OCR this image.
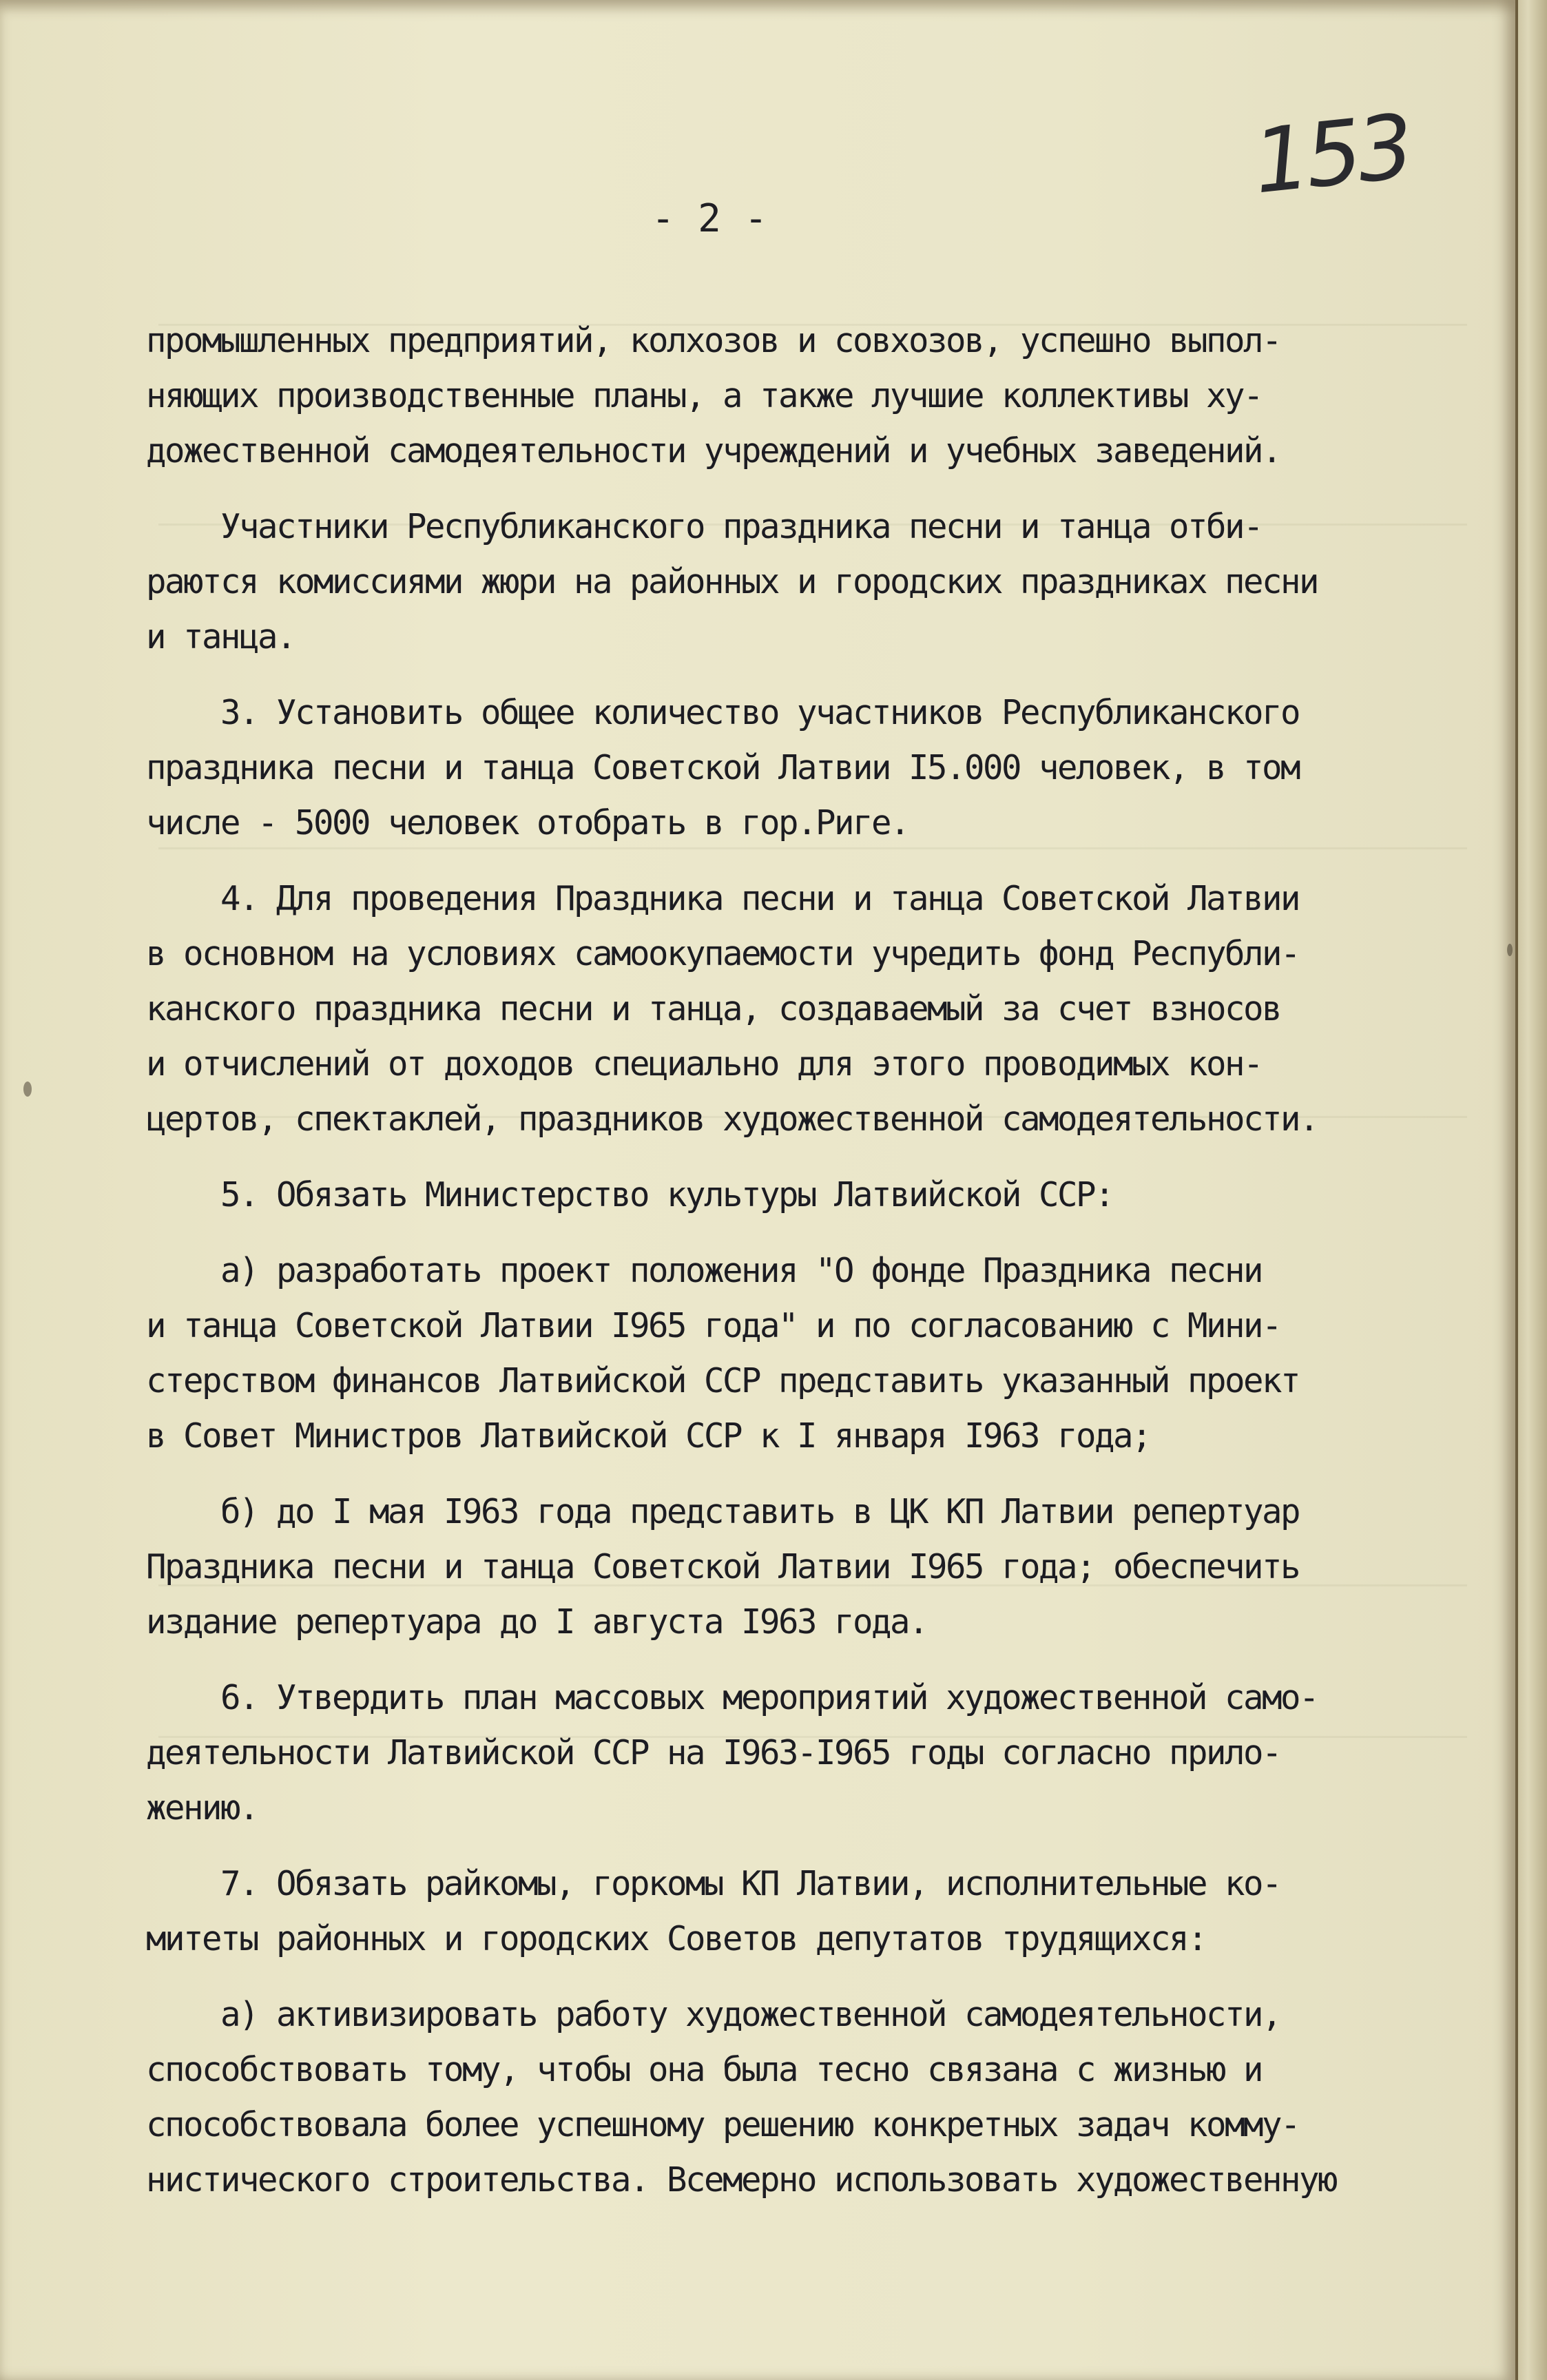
153
- 2 -
промышленных предприятий, колхозов и совхозов, успешно выпол-
няющих производственные планы, а также лучшие коллективы ху-
дожественной самодеятельности учреждений и учебных заведений.
Участники Республиканского праздника песни и танца отби-
раются комиссиями жюри на районных и городских праздниках песни
и танца.
3. Установить общее количество участников Республиканского
праздника песни и танца Советской Латвии I5.000 человек, в том
числе - 5000 человек отобрать в гор.Риге.
4. Для проведения Праздника песни и танца Советской Латвии
в основном на условиях самоокупаемости учредить фонд Республи-
канского праздника песни и танца, создаваемый за счет взносов
и отчислений от доходов специально для этого проводимых кон-
цертов, спектаклей, праздников художественной самодеятельности.
5. Обязать Министерство культуры Латвийской ССР:
а) разработать проект положения "О фонде Праздника песни
и танца Советской Латвии I965 года" и по согласованию с Мини-
стерством финансов Латвийской ССР представить указанный проект
в Совет Министров Латвийской ССР к I января I963 года;
б) до I мая I963 года представить в ЦК КП Латвии репертуар
Праздника песни и танца Советской Латвии I965 года; обеспечить
издание репертуара до I августа I963 года.
6. Утвердить план массовых мероприятий художественной само-
деятельности Латвийской ССР на I963-I965 годы согласно прило-
жению.
7. Обязать райкомы, горкомы КП Латвии, исполнительные ко-
митеты районных и городских Советов депутатов трудящихся:
а) активизировать работу художественной самодеятельности,
способствовать тому, чтобы она была тесно связана с жизнью и
способствовала более успешному решению конкретных задач комму-
нистического строительства. Всемерно использовать художественную
